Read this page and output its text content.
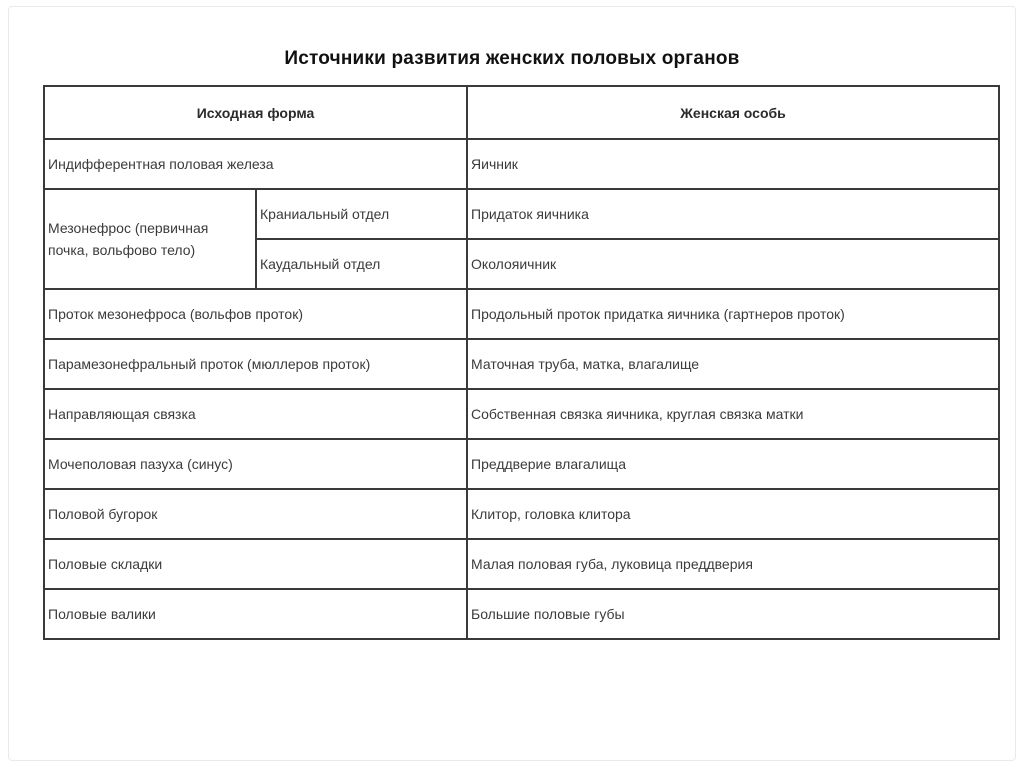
Источники развития женских половых органов
Исходная форма		Женская особь
Индифферентная половая железа		Яичник
Мезонефрос (первичная почка, вольфово тело)	Краниальный отдел	Придаток яичника
	Каудальный отдел	Околояичник
Проток мезонефроса (вольфов проток)		Продольный проток придатка яичника (гартнеров проток)
Парамезонефральный проток (мюллеров проток)		Маточная труба, матка, влагалище
Направляющая связка		Собственная связка яичника, круглая связка матки
Мочеполовая пазуха (синус)		Преддверие влагалища
Половой бугорок		Клитор, головка клитора
Половые складки		Малая половая губа, луковица преддверия
Половые валики		Большие половые губы
